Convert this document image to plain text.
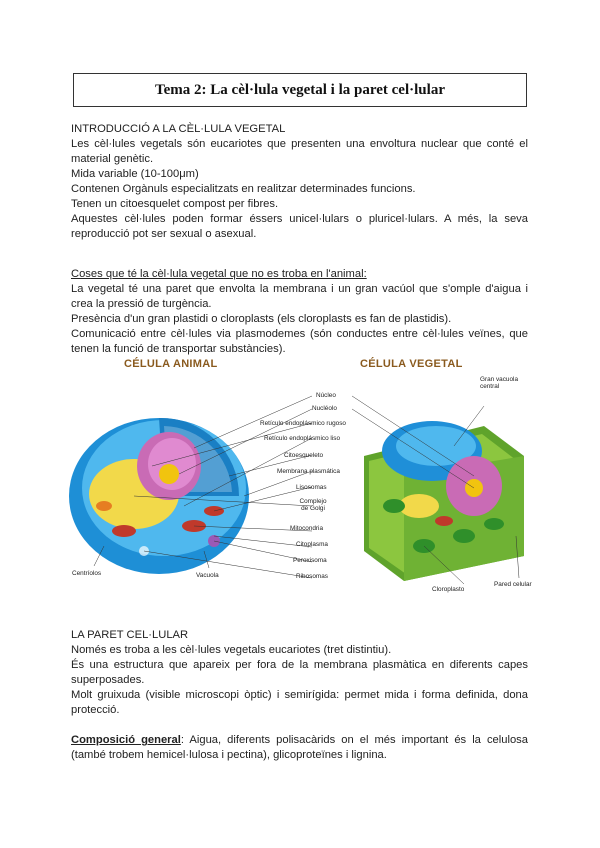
Tema 2: La cèl·lula vegetal i la paret cel·lular

INTRODUCCIÓ A LA CÈL·LULA VEGETAL

Les cèl·lules vegetals són eucariotes que presenten una envoltura nuclear que conté el material genètic.

Mida variable (10-100μm)

Contenen Orgànuls especialitzats en realitzar determinades funcions.

Tenen un citoesquelet compost per fibres.

Aquestes cèl·lules poden formar éssers unicel·lulars o pluricel·lulars. A més, la seva reproducció pot ser sexual o asexual.

Coses que té la cèl·lula vegetal que no es troba en l'animal:

La vegetal té una paret que envolta la membrana i un gran vacúol que s'omple d'aigua i crea la pressió de turgència.

Presència d'un gran plastidi o cloroplasts (els cloroplasts es fan de plastidis).

Comunicació entre cèl·lules via plasmodemes (són conductes entre cèl·lules veïnes, que tenen la funció de transportar substàncies).

CÉLULA ANIMAL	CÉLULA VEGETAL
Núcleo
Nucléolo
Retículo endoplásmico rugoso
Retículo endoplásmico liso
Citoesqueleto
Membrana plasmática
Lisosomas
Complejo de Golgi
Mitocondria
Citoplasma
Peroxisoma
Ribosomas
Centríolos	Vacuola
Gran vacuola central
Cloroplasto
Pared celular

LA PARET CEL·LULAR

Només es troba a les cèl·lules vegetals eucariotes (tret distintiu).

És una estructura que apareix per fora de la membrana plasmàtica en diferents capes superposades.

Molt gruixuda (visible microscopi òptic) i semirígida: permet mida i forma definida, dona protecció.

Composició general: Aigua, diferents polisacàrids on el més important és la celulosa (també trobem hemicel·lulosa i pectina), glicoproteïnes i lignina.
